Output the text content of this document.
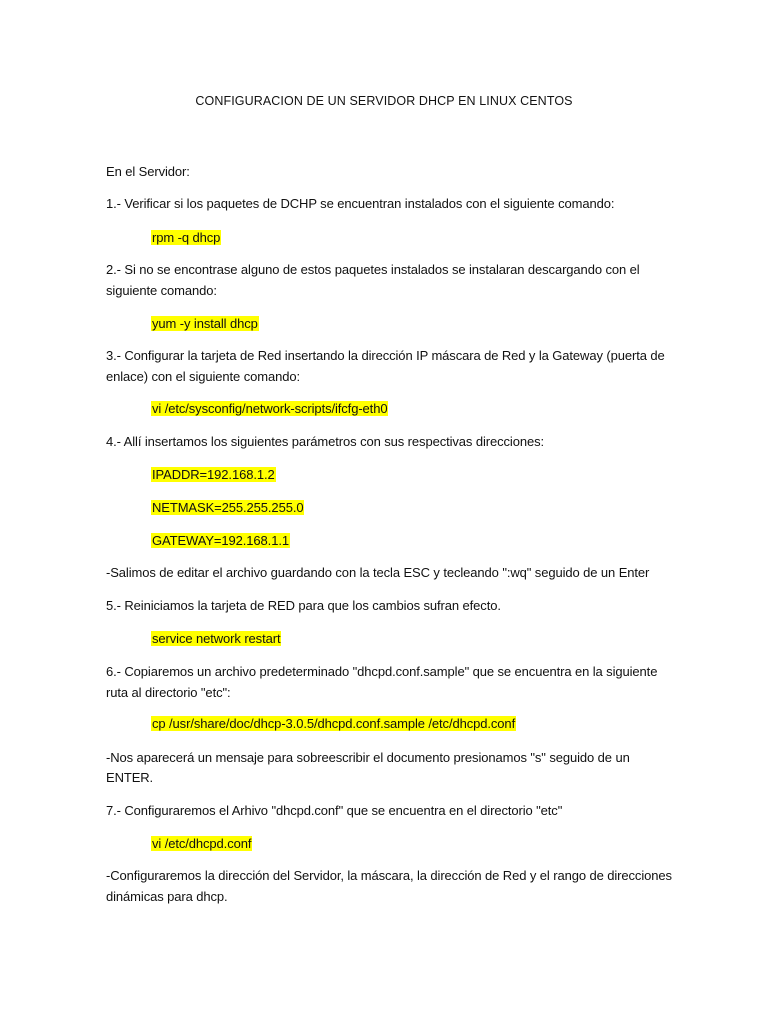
CONFIGURACION DE UN SERVIDOR DHCP EN LINUX CENTOS
En el Servidor:
1.- Verificar si los paquetes de DCHP se encuentran instalados con el siguiente comando:
rpm -q dhcp
2.- Si no se encontrase alguno de estos paquetes instalados se instalaran descargando con el
siguiente comando:
yum -y install dhcp
3.- Configurar la tarjeta de Red insertando la dirección IP máscara de Red y la Gateway (puerta de
enlace) con el siguiente comando:
vi /etc/sysconfig/network-scripts/ifcfg-eth0
4.- Allí insertamos los siguientes parámetros con sus respectivas direcciones:
IPADDR=192.168.1.2
NETMASK=255.255.255.0
GATEWAY=192.168.1.1
-Salimos de editar el archivo guardando con la tecla ESC y tecleando ":wq" seguido de un Enter
5.- Reiniciamos la tarjeta de RED para que los cambios sufran efecto.
service network restart
6.- Copiaremos un archivo predeterminado "dhcpd.conf.sample" que se encuentra en la siguiente
ruta al directorio "etc":
cp /usr/share/doc/dhcp-3.0.5/dhcpd.conf.sample /etc/dhcpd.conf
-Nos aparecerá un mensaje para sobreescribir el documento presionamos "s" seguido de un
ENTER.
7.- Configuraremos el Arhivo "dhcpd.conf" que se encuentra en el directorio "etc"
vi /etc/dhcpd.conf
-Configuraremos la dirección del Servidor, la máscara, la dirección de Red y el rango de direcciones
dinámicas para dhcp.
